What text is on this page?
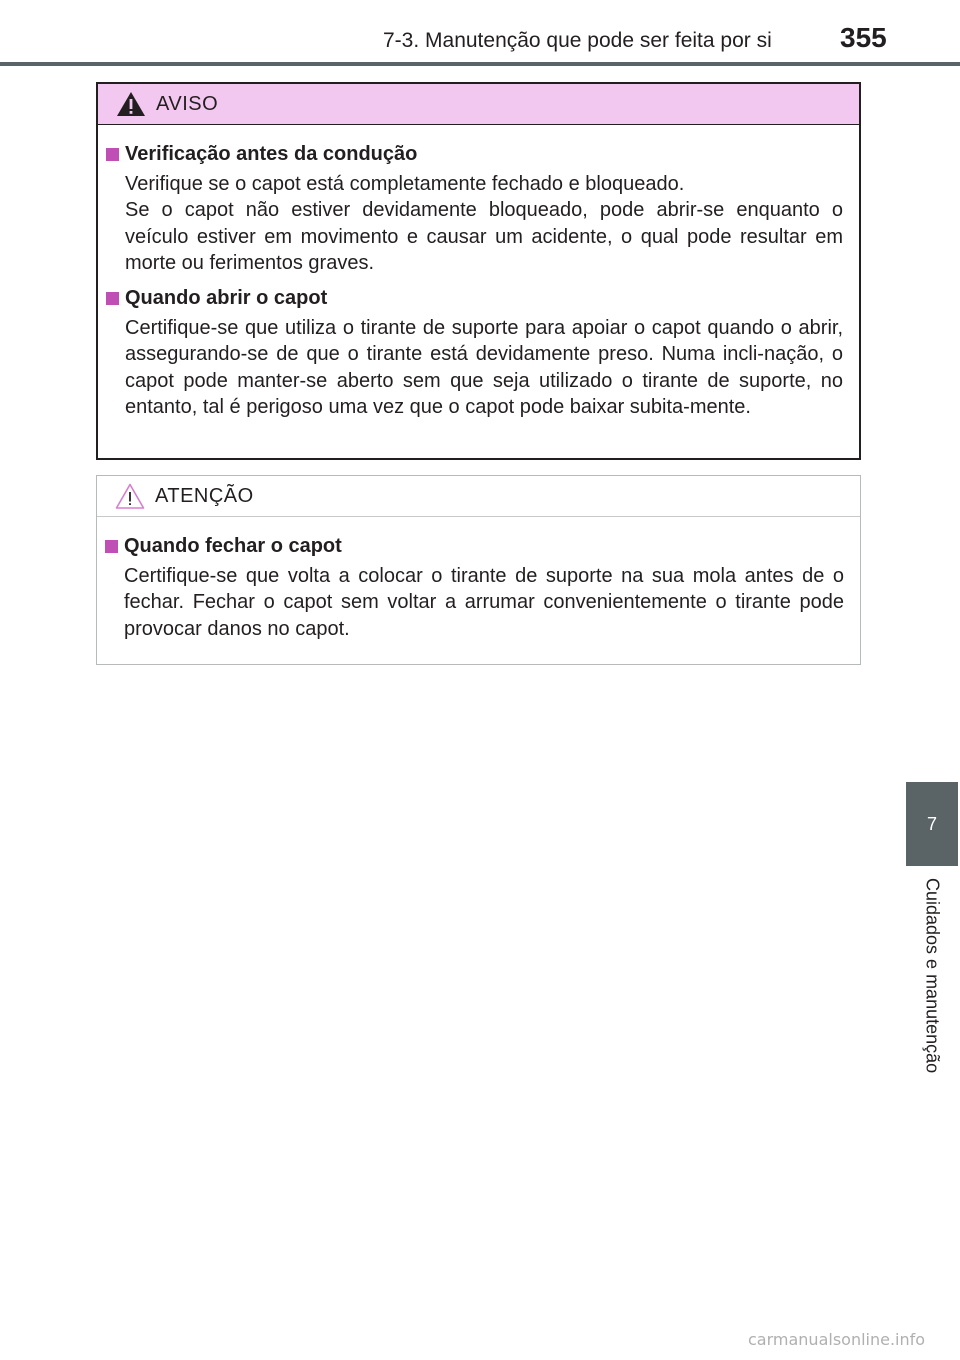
7-3. Manutenção que pode ser feita por si	355
AVISO
Verificação antes da condução

Verifique se o capot está completamente fechado e bloqueado.

Se o capot não estiver devidamente bloqueado, pode abrir-se enquanto o veículo estiver em movimento e causar um acidente, o qual pode resultar em morte ou ferimentos graves.

Quando abrir o capot

Certifique-se que utiliza o tirante de suporte para apoiar o capot quando o abrir, assegurando-se de que o tirante está devidamente preso. Numa incli-nação, o capot pode manter-se aberto sem que seja utilizado o tirante de suporte, no entanto, tal é perigoso uma vez que o capot pode baixar subita-mente.

ATENÇÃO
Quando fechar o capot

Certifique-se que volta a colocar o tirante de suporte na sua mola antes de o fechar. Fechar o capot sem voltar a arrumar convenientemente o tirante pode provocar danos no capot.

7
Cuidados e manutenção
carmanualsonline.info
